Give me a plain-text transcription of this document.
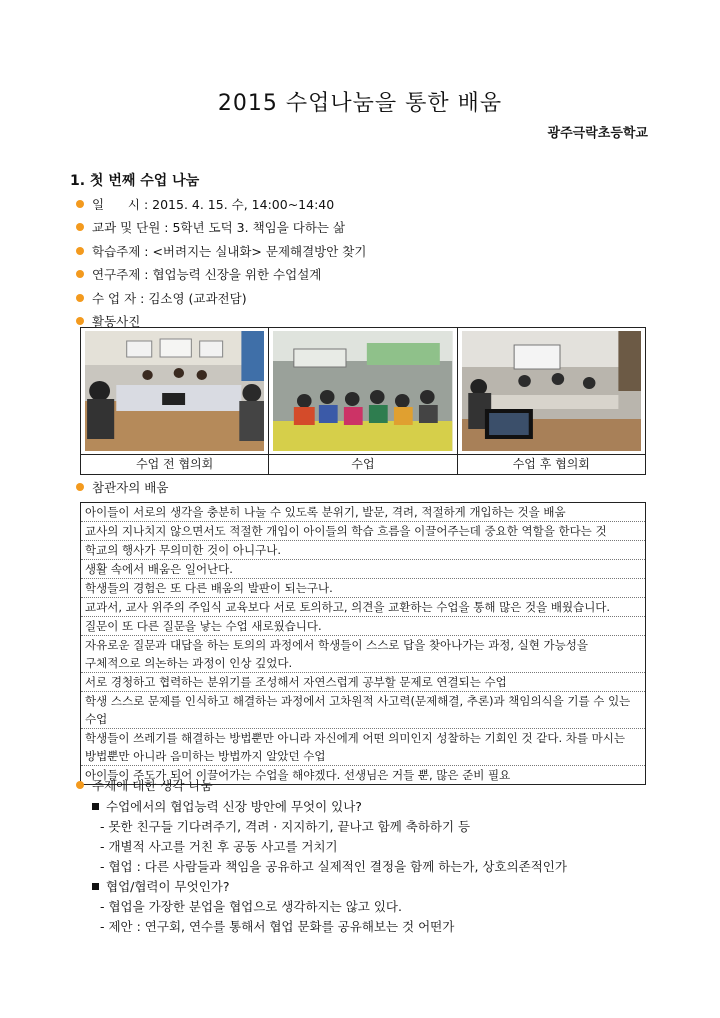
2015 수업나눔을 통한 배움
광주극락초등학교
1. 첫 번째 수업 나눔
일      시 : 2015. 4. 15. 수, 14:00~14:40
교과 및 단원 : 5학년 도덕 3. 책임을 다하는 삶
학습주제 : <버려지는 실내화> 문제해결방안 찾기
연구주제 : 협업능력 신장을 위한 수업설계
수 업 자 : 김소영 (교과전담)
활동사진
수업 전 협의회	수업	수업 후 협의회
참관자의 배움
아이들이 서로의 생각을 충분히 나눌 수 있도록 분위기, 발문, 격려, 적절하게 개입하는 것을 배움
교사의 지나치지 않으면서도 적절한 개입이 아이들의 학습 흐름을 이끌어주는데 중요한 역할을 한다는 것
학교의 행사가 무의미한 것이 아니구나.
생활 속에서 배움은 일어난다.
학생들의 경험은 또 다른 배움의 발판이 되는구나.
교과서, 교사 위주의 주입식 교육보다 서로 토의하고, 의견을 교환하는 수업을 통해 많은 것을 배웠습니다.
질문이 또 다른 질문을 낳는 수업 새로웠습니다.
자유로운 질문과 대답을 하는 토의의 과정에서 학생들이 스스로 답을 찾아나가는 과정, 실현 가능성을 구체적으로 의논하는 과정이 인상 깊었다.
서로 경청하고 협력하는 분위기를 조성해서 자연스럽게 공부할 문제로 연결되는 수업
학생 스스로 문제를 인식하고 해결하는 과정에서 고차원적 사고력(문제해결, 추론)과 책임의식을 기를 수 있는 수업
학생들이 쓰레기를 해결하는 방법뿐만 아니라 자신에게 어떤 의미인지 성찰하는 기회인 것 같다. 차를 마시는 방법뿐만 아니라 음미하는 방법까지 알았던 수업
아이들이 주도가 되어 이끌어가는 수업을 해야겠다. 선생님은 거들 뿐, 많은 준비 필요
주제에 대한 생각 나눔
수업에서의 협업능력 신장 방안에 무엇이 있나?
- 못한 친구들 기다려주기, 격려 · 지지하기, 끝나고 함께 축하하기 등
- 개별적 사고를 거친 후 공동 사고를 거치기
- 협업 : 다른 사람들과 책임을 공유하고 실제적인 결정을 함께 하는가, 상호의존적인가
협업/협력이 무엇인가?
- 협업을 가장한 분업을 협업으로 생각하지는 않고 있다.
- 제안 : 연구회, 연수를 통해서 협업 문화를 공유해보는 것 어떤가
